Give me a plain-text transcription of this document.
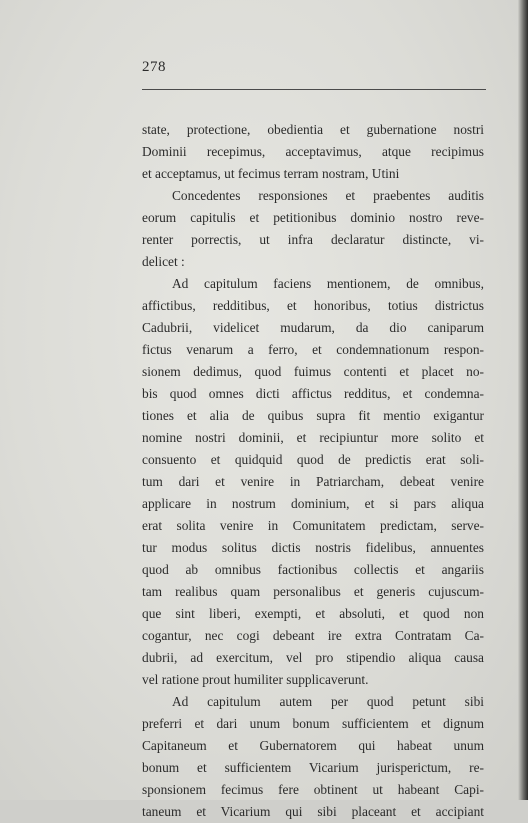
278
state, protectione, obedientia et gubernatione nostri
Dominii recepimus, acceptavimus, atque recipimus
et acceptamus, ut fecimus terram nostram, Utini
Concedentes responsiones et praebentes auditis
eorum capitulis et petitionibus dominio nostro reve-
renter porrectis, ut infra declaratur distincte, vi-
delicet :
Ad capitulum faciens mentionem, de omnibus,
affictibus, redditibus, et honoribus, totius districtus
Cadubrii, videlicet mudarum, da dio caniparum
fictus venarum a ferro, et condemnationum respon-
sionem dedimus, quod fuimus contenti et placet no-
bis quod omnes dicti affictus redditus, et condemna-
tiones et alia de quibus supra fit mentio exigantur
nomine nostri dominii, et recipiuntur more solito et
consuento et quidquid quod de predictis erat soli-
tum dari et venire in Patriarcham, debeat venire
applicare in nostrum dominium, et si pars aliqua
erat solita venire in Comunitatem predictam, serve-
tur modus solitus dictis nostris fidelibus, annuentes
quod ab omnibus factionibus collectis et angariis
tam realibus quam personalibus et generis cujuscum-
que sint liberi, exempti, et absoluti, et quod non
cogantur, nec cogi debeant ire extra Contratam Ca-
dubrii, ad exercitum, vel pro stipendio aliqua causa
vel ratione prout humiliter supplicaverunt.
Ad capitulum autem per quod petunt sibi
preferri et dari unum bonum sufficientem et dignum
Capitaneum et Gubernatorem qui habeat unum
bonum et sufficientem Vicarium jurisperictum, re-
sponsionem fecimus fere obtinent ut habeant Capi-
taneum et Vicarium qui sibi placeant et accipiant
